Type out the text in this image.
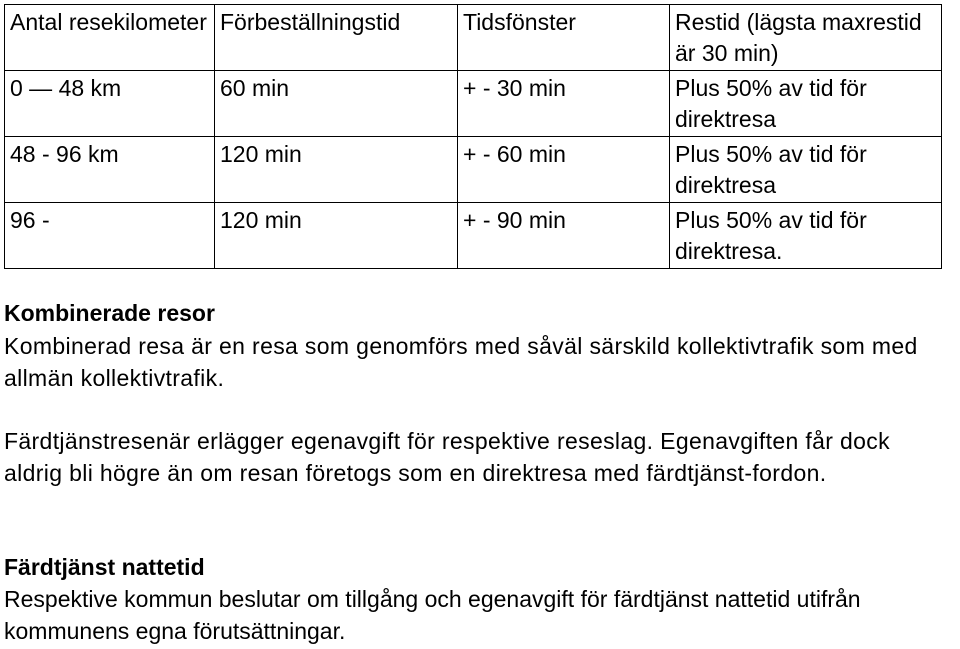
Antal resekilometer	Förbeställningstid	Tidsfönster	Restid (lägsta maxrestid är 30 min)
0 — 48 km	60 min	+ - 30 min	Plus 50% av tid för direktresa
48 - 96 km	120 min	+ - 60 min	Plus 50% av tid för direktresa
96 -	120 min	+ - 90 min	Plus 50% av tid för direktresa.
Kombinerade resor
Kombinerad resa är en resa som genomförs med såväl särskild kollektivtrafik som med allmän kollektivtrafik.
Färdtjänstresenär erlägger egenavgift för respektive reseslag. Egenavgiften får dock aldrig bli högre än om resan företogs som en direktresa med färdtjänst-fordon.
Färdtjänst nattetid
Respektive kommun beslutar om tillgång och egenavgift för färdtjänst nattetid utifrån kommunens egna förutsättningar.
